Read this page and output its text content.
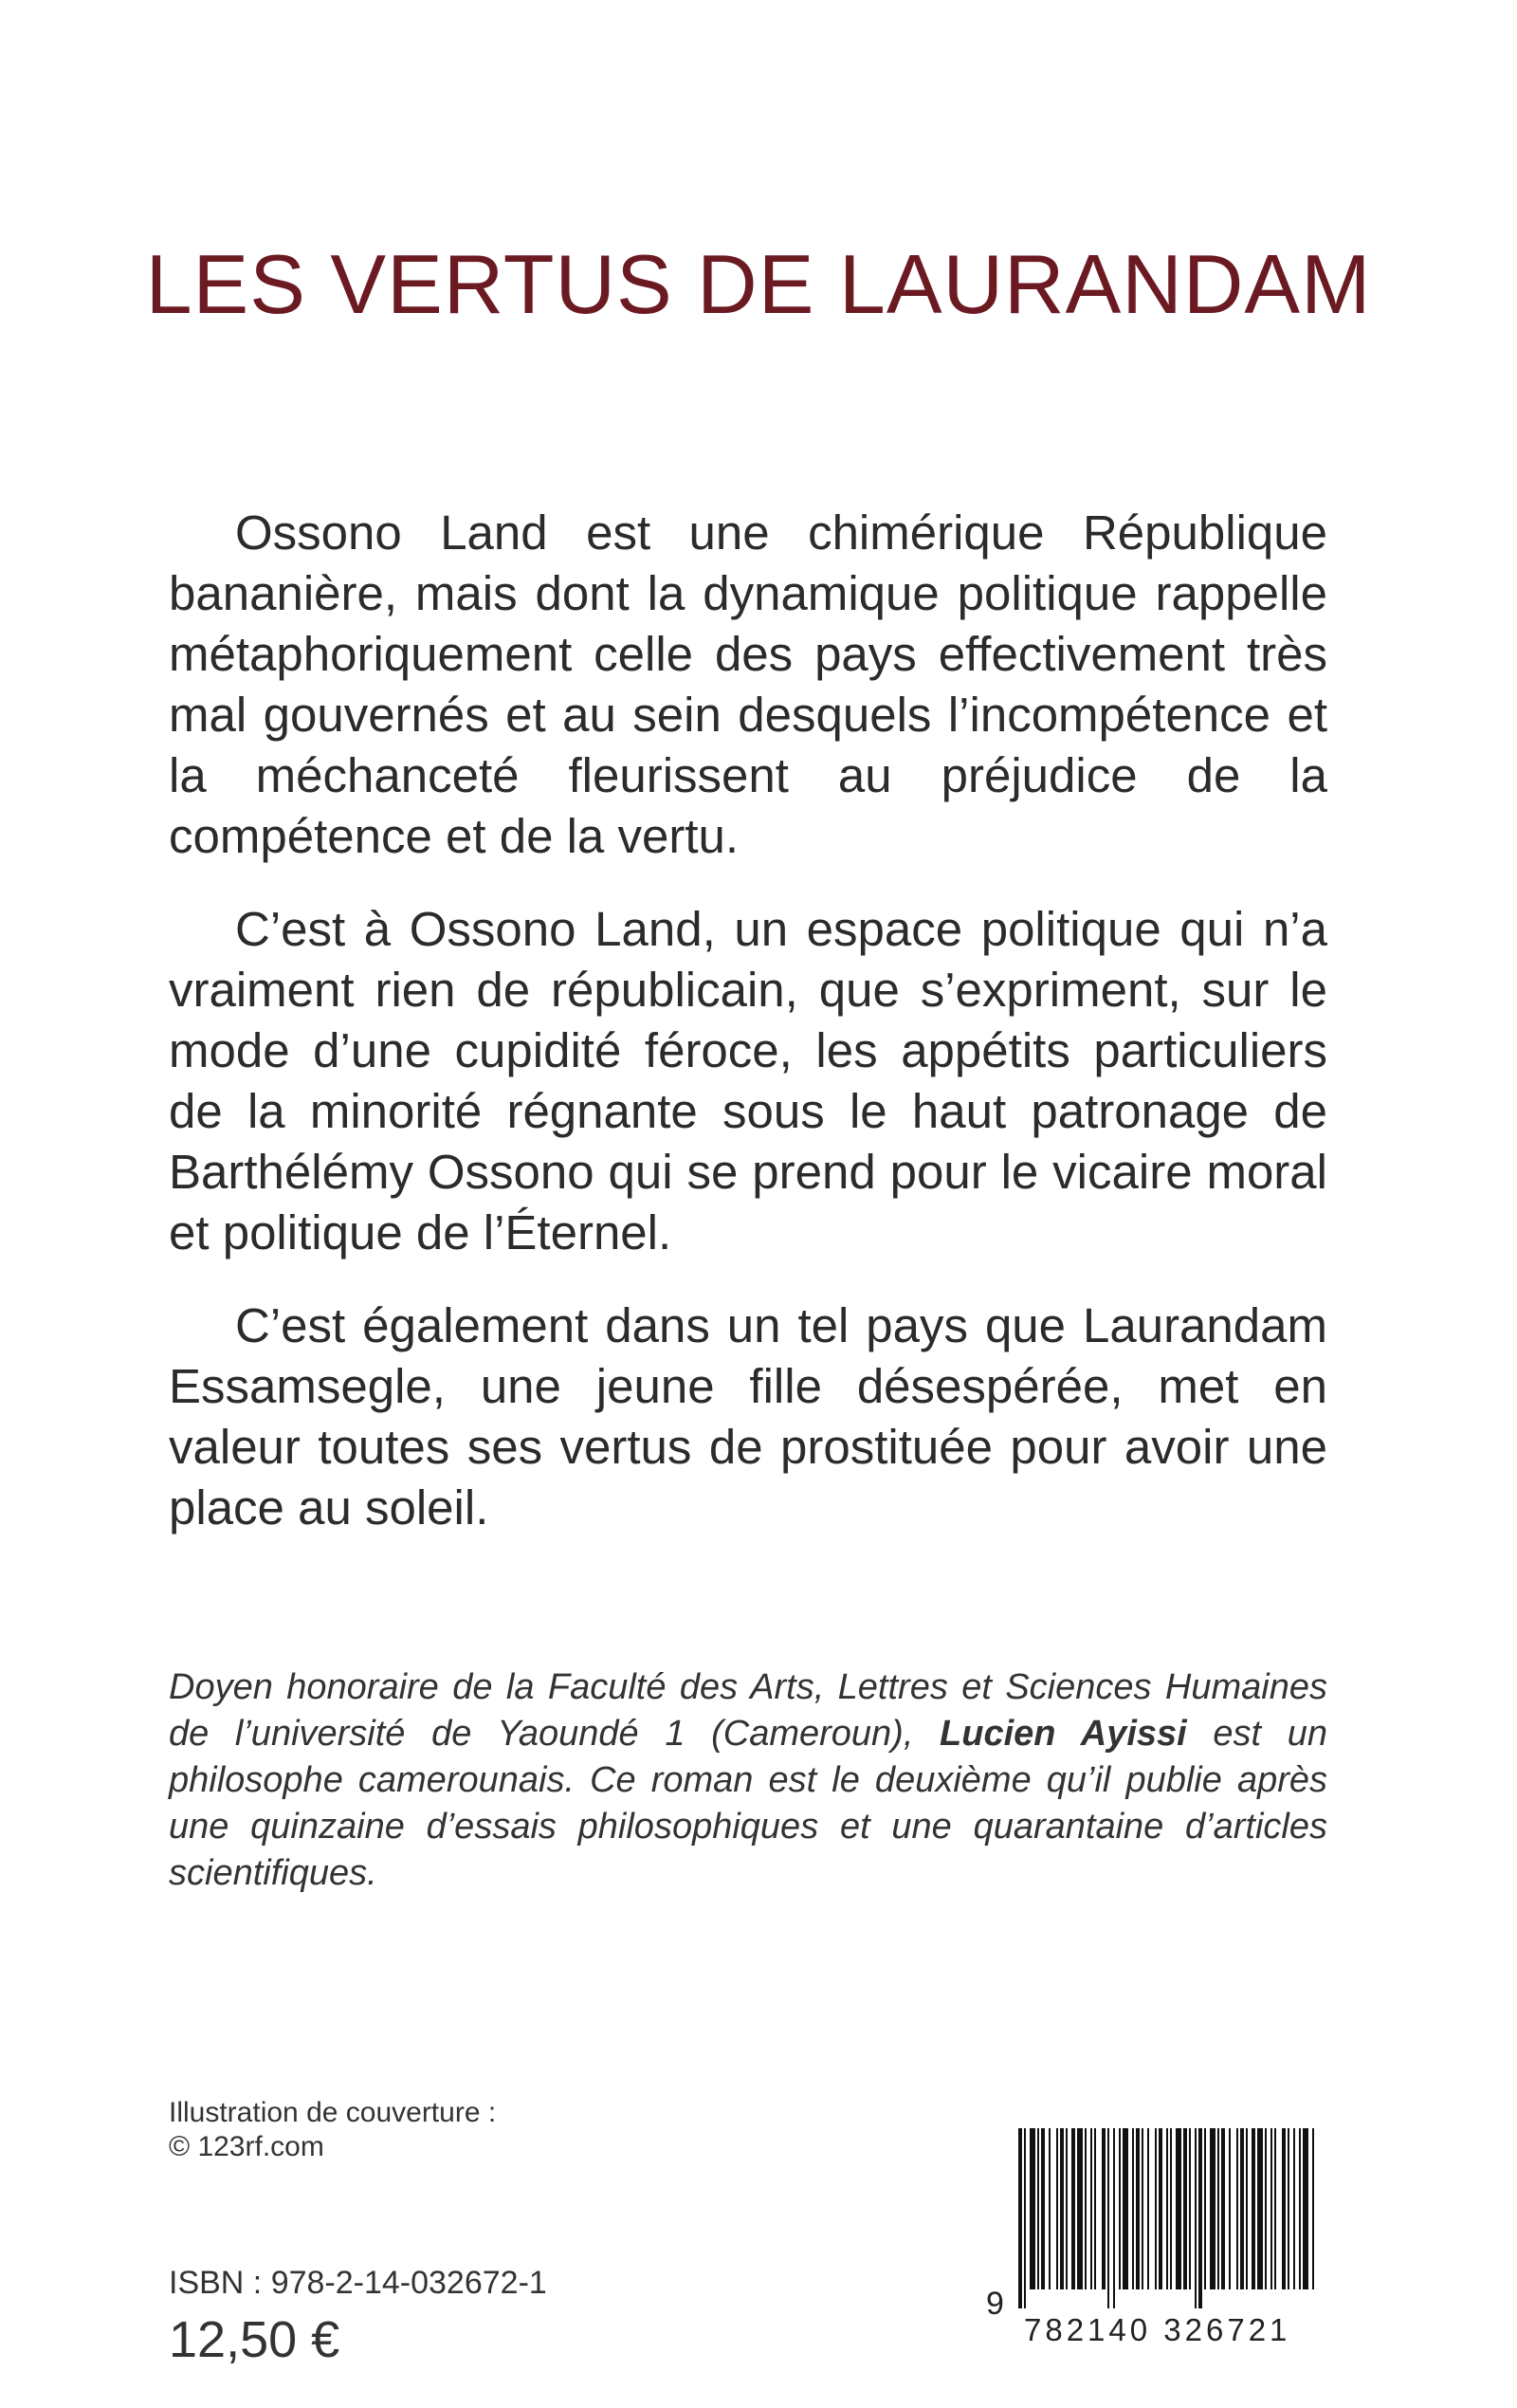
LES VERTUS DE LAURANDAM

Ossono Land est une chimérique République bananière, mais dont la dynamique politique rappelle métaphoriquement celle des pays effectivement très mal gouvernés et au sein desquels l’incompétence et la méchanceté fleurissent au préjudice de la compétence et de la vertu.

C’est à Ossono Land, un espace politique qui n’a vraiment rien de républicain, que s’expriment, sur le mode d’une cupidité féroce, les appétits particuliers de la minorité régnante sous le haut patronage de Barthélémy Ossono qui se prend pour le vicaire moral et politique de l’Éternel.

C’est également dans un tel pays que Laurandam Essamsegle, une jeune fille désespérée, met en valeur toutes ses vertus de prostituée pour avoir une place au soleil.

Doyen honoraire de la Faculté des Arts, Lettres et Sciences Humaines de l’université de Yaoundé 1 (Cameroun), Lucien Ayissi est un philosophe camerounais. Ce roman est le deuxième qu’il publie après une quinzaine d’essais philosophiques et une quarantaine d’articles scientifiques.

Illustration de couverture :
© 123rf.com
ISBN : 978-2-14-032672-1
12,50 €
9
782140 326721
